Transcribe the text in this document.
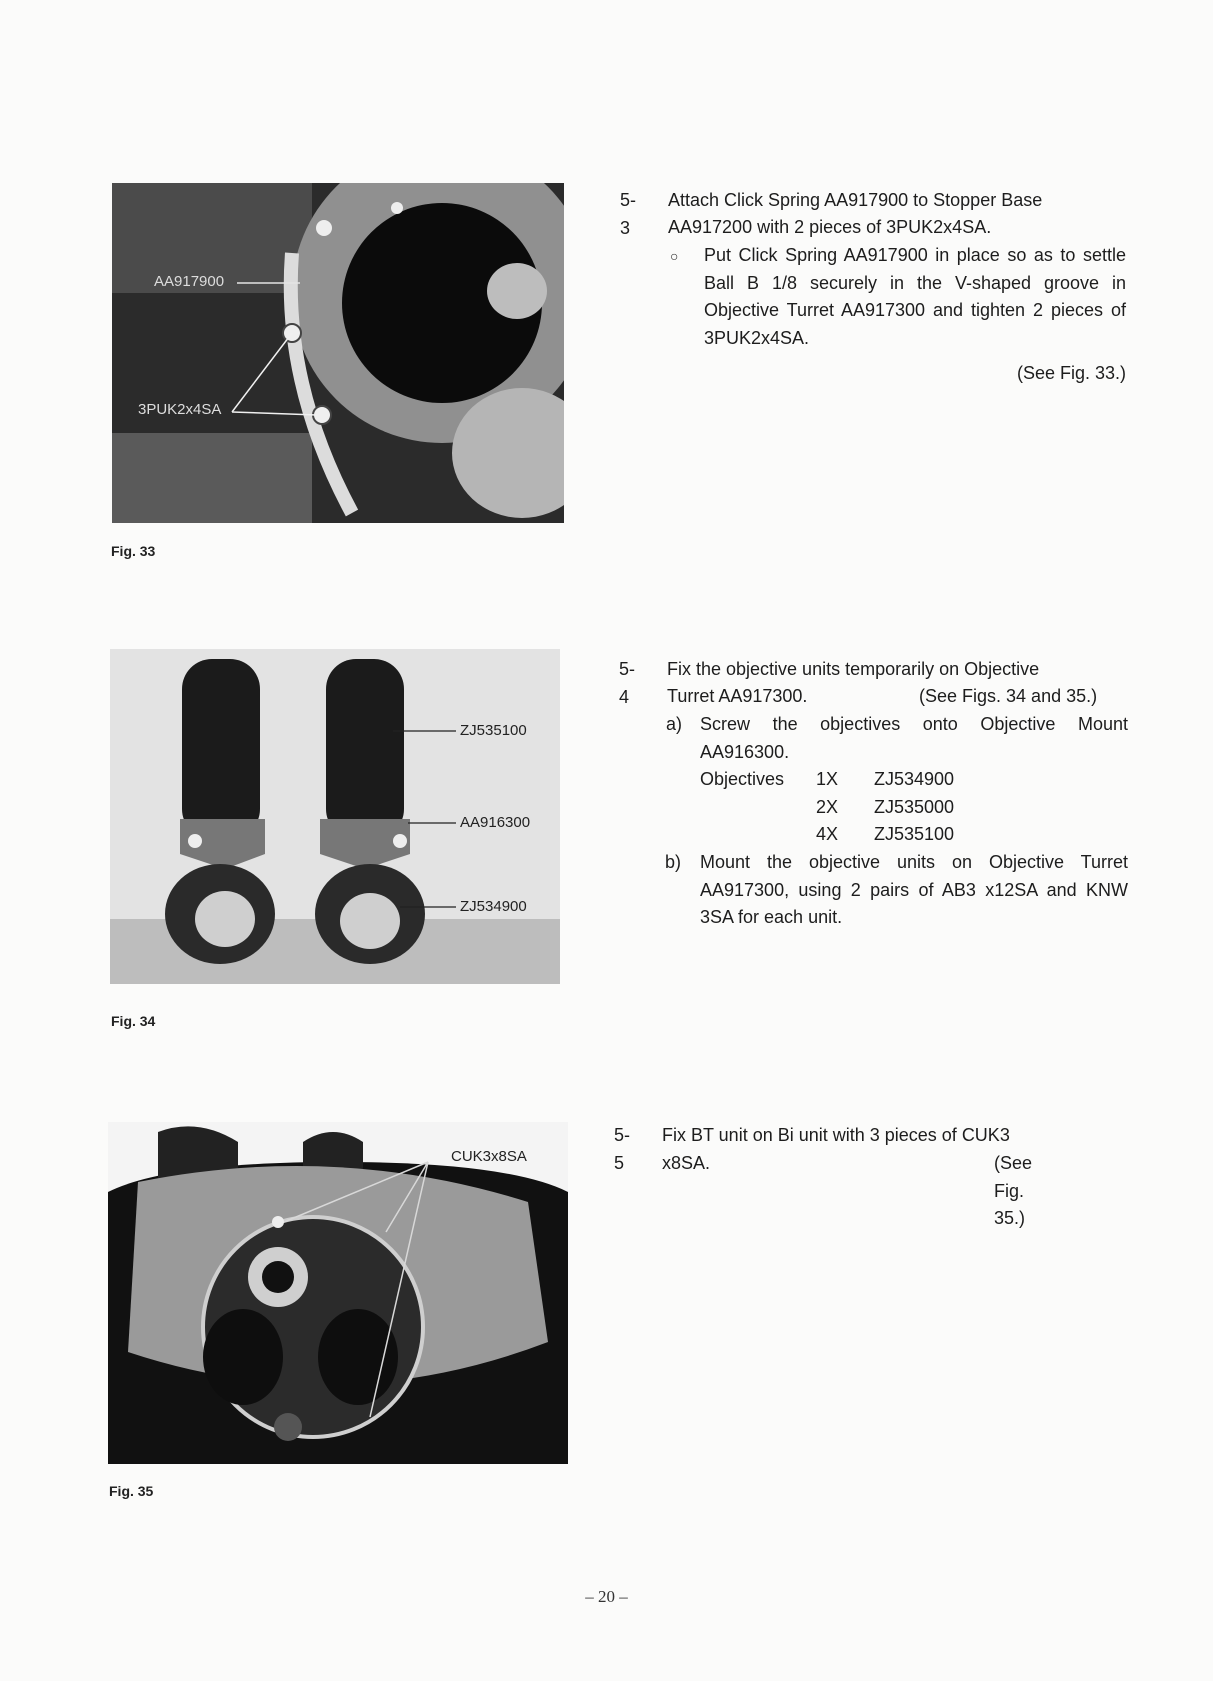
AA917900
3PUK2x4SA
Fig. 33
ZJ535100
AA916300
ZJ534900
Fig. 34
CUK3x8SA
Fig. 35
5-3
Attach Click Spring AA917900 to Stopper Base
AA917200 with 2 pieces of 3PUK2x4SA.
○ Put Click Spring AA917900 in place so as to settle Ball B 1/8 securely in the V-shaped groove in Objective Turret AA917300 and tighten 2 pieces of 3PUK2x4SA.
(See Fig. 33.)
5-4
Fix the objective units temporarily on Objective
Turret AA917300.	(See Figs. 34 and 35.)
a) Screw the objectives onto Objective Mount AA916300.
Objectives 1X ZJ534900
2X ZJ535000
4X ZJ535100
b) Mount the objective units on Objective Turret AA917300, using 2 pairs of AB3 x12SA and KNW 3SA for each unit.
5-5
Fix BT unit on Bi unit with 3 pieces of CUK3
x8SA.	(See Fig. 35.)
– 20 –
